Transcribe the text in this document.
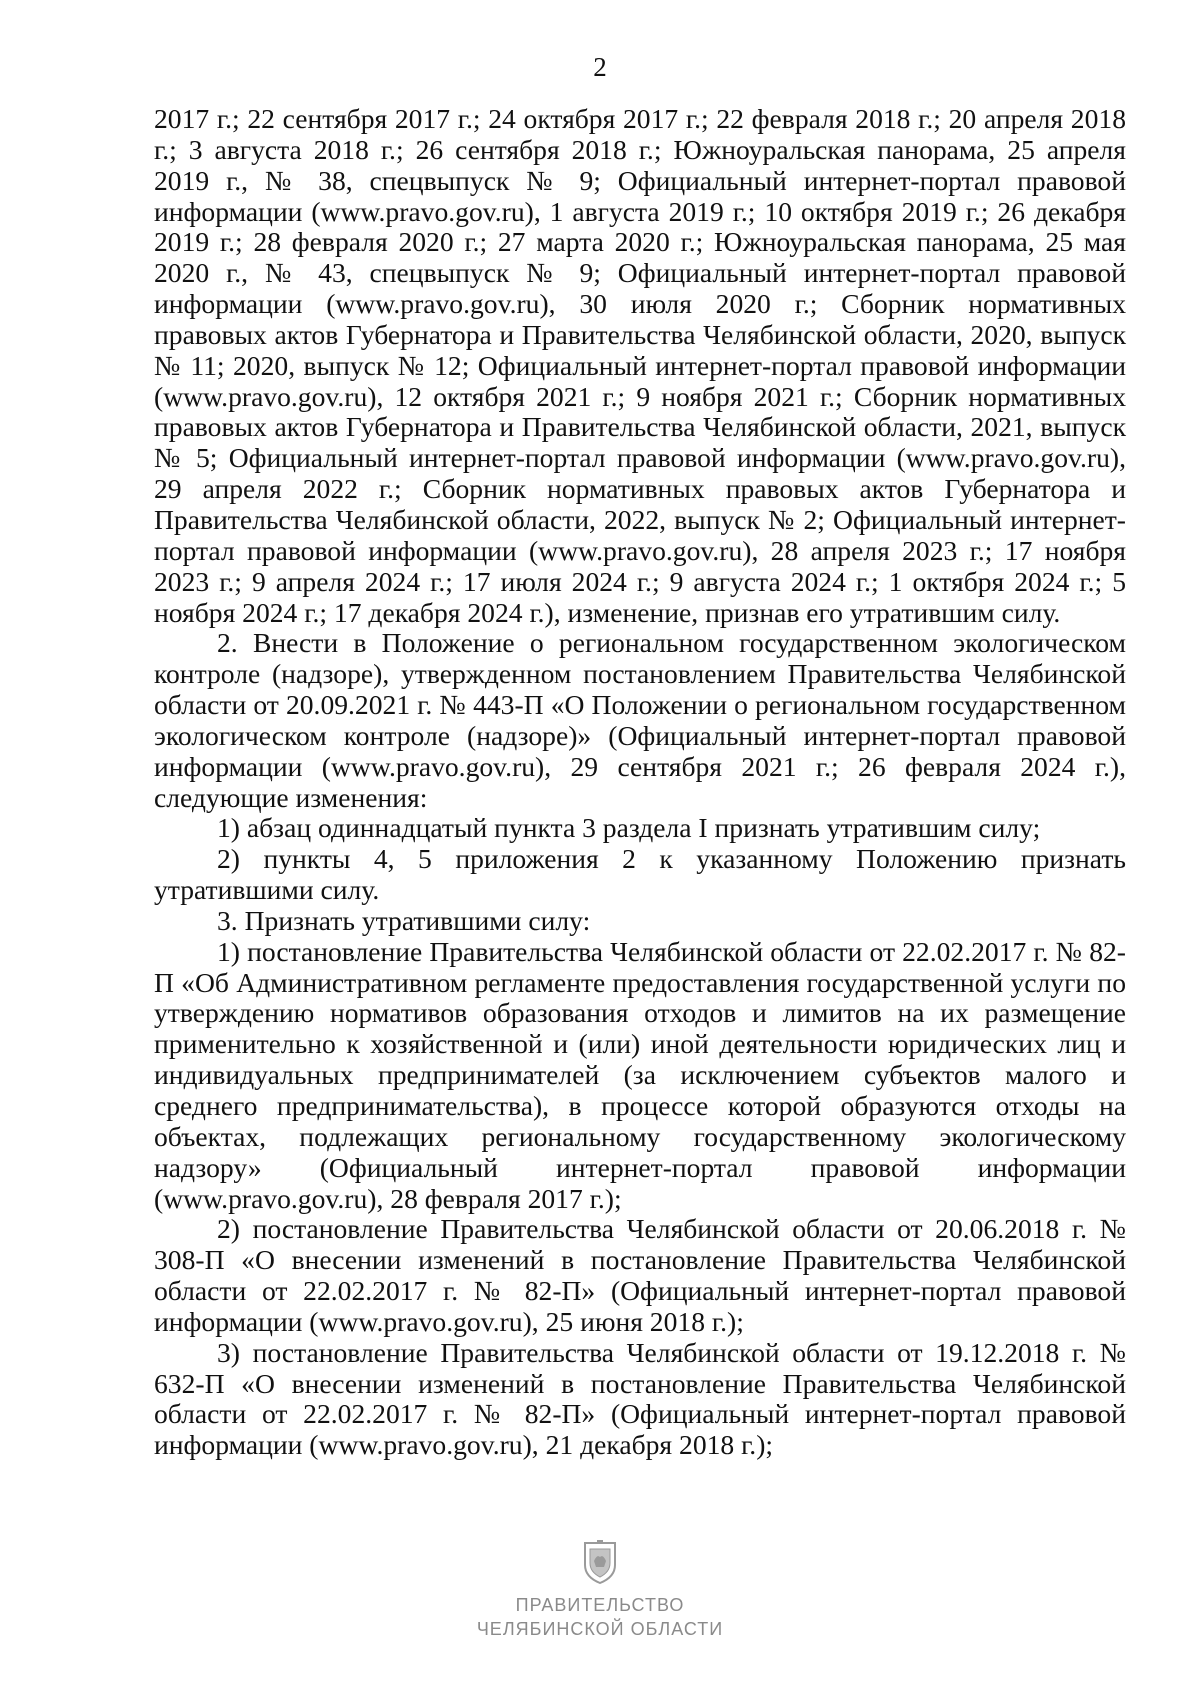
2

2017 г.; 22 сентября 2017 г.; 24 октября 2017 г.; 22 февраля 2018 г.; 20 апреля 2018 г.; 3 августа 2018 г.; 26 сентября 2018 г.; Южноуральская панорама, 25 апреля 2019 г., № 38, спецвыпуск № 9; Официальный интернет-портал правовой информации (www.pravo.gov.ru), 1 августа 2019 г.; 10 октября 2019 г.; 26 декабря 2019 г.; 28 февраля 2020 г.; 27 марта 2020 г.; Южноуральская панорама, 25 мая 2020 г., № 43, спецвыпуск № 9; Официальный интернет-портал правовой информации (www.pravo.gov.ru), 30 июля 2020 г.; Сборник нормативных правовых актов Губернатора и Правительства Челябинской области, 2020, выпуск № 11; 2020, выпуск № 12; Официальный интернет-портал правовой информации (www.pravo.gov.ru), 12 октября 2021 г.; 9 ноября 2021 г.; Сборник нормативных правовых актов Губернатора и Правительства Челябинской области, 2021, выпуск № 5; Официальный интернет-портал правовой информации (www.pravo.gov.ru), 29 апреля 2022 г.; Сборник нормативных правовых актов Губернатора и Правительства Челябинской области, 2022, выпуск № 2; Официальный интернет-портал правовой информации (www.pravo.gov.ru), 28 апреля 2023 г.; 17 ноября 2023 г.; 9 апреля 2024 г.; 17 июля 2024 г.; 9 августа 2024 г.; 1 октября 2024 г.; 5 ноября 2024 г.; 17 декабря 2024 г.), изменение, признав его утратившим силу.

2. Внести в Положение о региональном государственном экологическом контроле (надзоре), утвержденном постановлением Правительства Челябинской области от 20.09.2021 г. № 443-П «О Положении о региональном государственном экологическом контроле (надзоре)» (Официальный интернет-портал правовой информации (www.pravo.gov.ru), 29 сентября 2021 г.; 26 февраля 2024 г.), следующие изменения:

1) абзац одиннадцатый пункта 3 раздела I признать утратившим силу;

2) пункты 4, 5 приложения 2 к указанному Положению признать утратившими силу.

3. Признать утратившими силу:

1) постановление Правительства Челябинской области от 22.02.2017 г. № 82-П «Об Административном регламенте предоставления государственной услуги по утверждению нормативов образования отходов и лимитов на их размещение применительно к хозяйственной и (или) иной деятельности юридических лиц и индивидуальных предпринимателей (за исключением субъектов малого и среднего предпринимательства), в процессе которой образуются отходы на объектах, подлежащих региональному государственному экологическому надзору» (Официальный интернет-портал правовой информации (www.pravo.gov.ru), 28 февраля 2017 г.);

2) постановление Правительства Челябинской области от 20.06.2018 г. № 308-П «О внесении изменений в постановление Правительства Челябинской области от 22.02.2017 г. № 82-П» (Официальный интернет-портал правовой информации (www.pravo.gov.ru), 25 июня 2018 г.);

3) постановление Правительства Челябинской области от 19.12.2018 г. № 632-П «О внесении изменений в постановление Правительства Челябинской области от 22.02.2017 г. № 82-П» (Официальный интернет-портал правовой информации (www.pravo.gov.ru), 21 декабря 2018 г.);

ПРАВИТЕЛЬСТВО
ЧЕЛЯБИНСКОЙ ОБЛАСТИ
